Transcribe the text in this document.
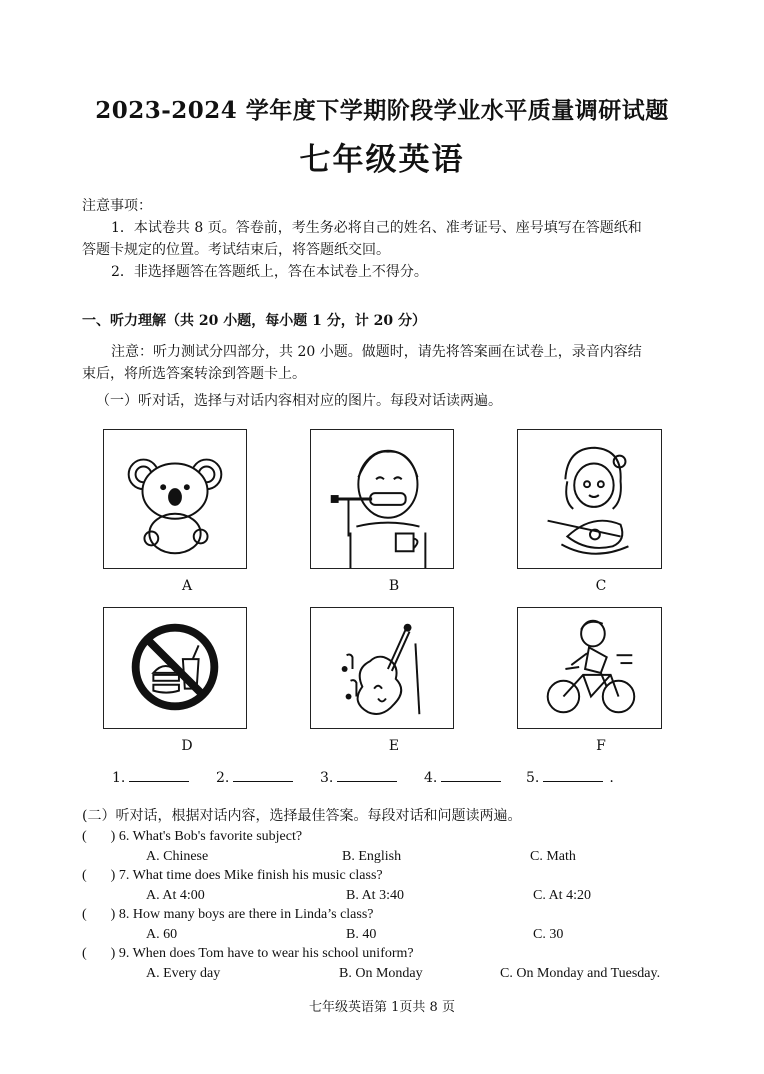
2023-2024 学年度下学期阶段学业水平质量调研试题
七年级英语
注意事项：
1．本试卷共 8 页。答卷前，考生务必将自己的姓名、准考证号、座号填写在答题纸和
答题卡规定的位置。考试结束后，将答题纸交回。
2．非选择题答在答题纸上，答在本试卷上不得分。
一、听力理解（共 20 小题，每小题 1 分，计 20 分）
注意：听力测试分四部分，共 20 小题。做题时，请先将答案画在试卷上，录音内容结
束后，将所选答案转涂到答题卡上。
（一）听对话，选择与对话内容相对应的图片。每段对话读两遍。
A	B	C
D	E	F
1.	2.	3.	4.	5.	.
(二）听对话，根据对话内容，选择最佳答案。每段对话和问题读两遍。
( ) 6. What's Bob's favorite subject?
A. Chinese	B. English	C. Math
( ) 7. What time does Mike finish his music class?
A. At 4:00	B. At 3:40	C. At 4:20
( ) 8. How many boys are there in Linda’s class?
A. 60	B. 40	C. 30
( ) 9. When does Tom have to wear his school uniform?
A. Every day	B. On Monday	C. On Monday and Tuesday.
七年级英语第 1页共 8 页
